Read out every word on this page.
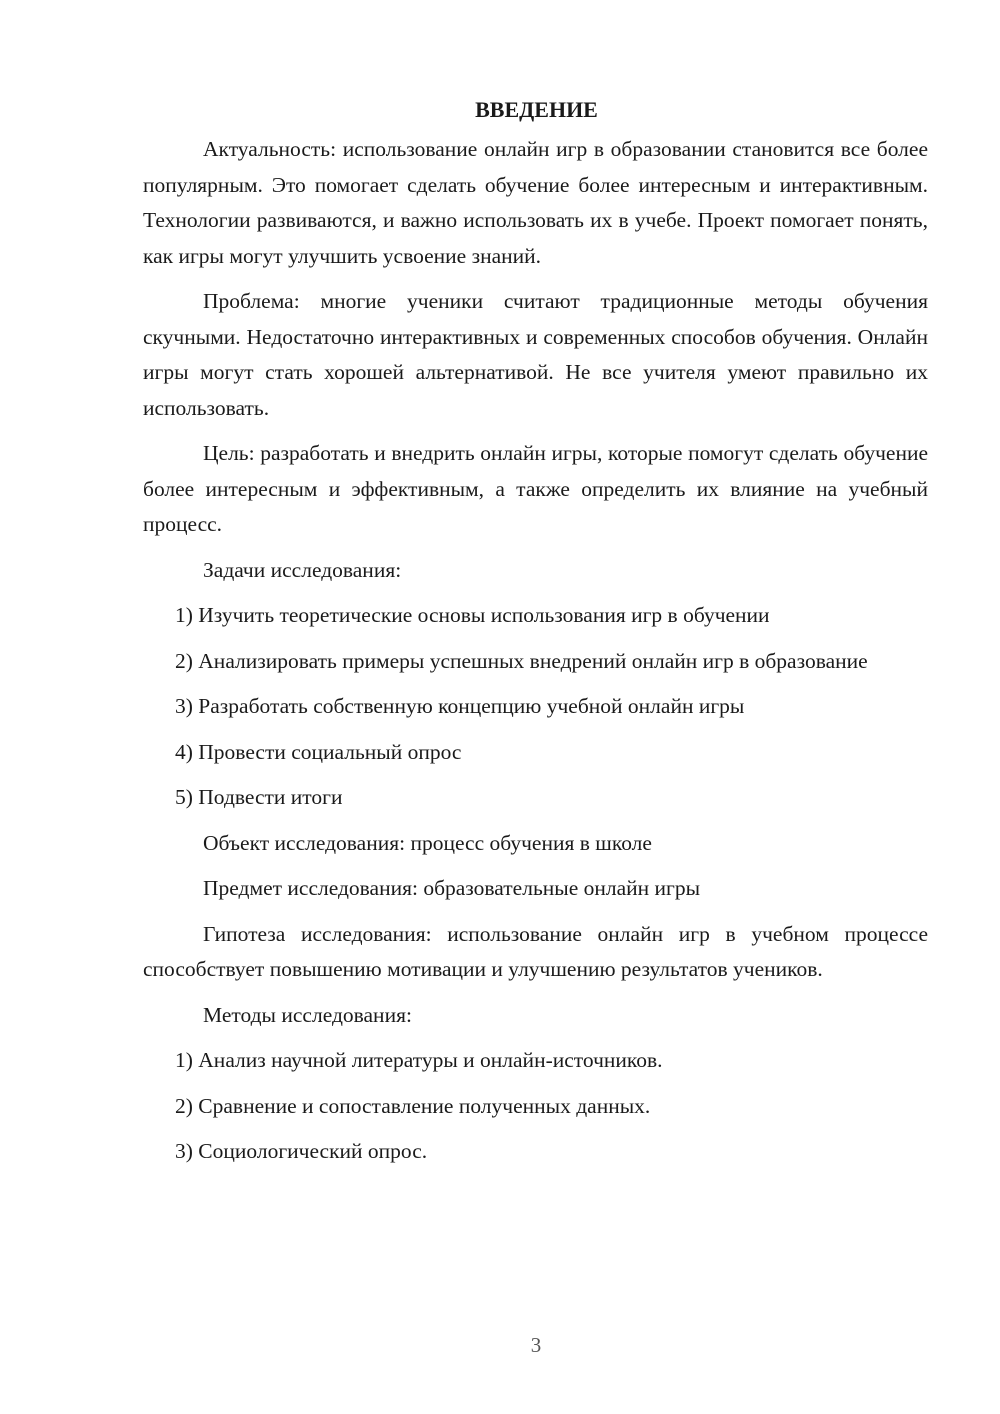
ВВЕДЕНИЕ

Актуальность: использование онлайн игр в образовании становится все более популярным. Это помогает сделать обучение более интересным и интерактивным. Технологии развиваются, и важно использовать их в учебе. Проект помогает понять, как игры могут улучшить усвоение знаний.

Проблема: многие ученики считают традиционные методы обучения скучными. Недостаточно интерактивных и современных способов обучения. Онлайн игры могут стать хорошей альтернативой. Не все учителя умеют правильно их использовать.

Цель: разработать и внедрить онлайн игры, которые помогут сделать обучение более интересным и эффективным, а также определить их влияние на учебный процесс.

Задачи исследования:

1) Изучить теоретические основы использования игр в обучении

2) Анализировать примеры успешных внедрений онлайн игр в образование

3) Разработать собственную концепцию учебной онлайн игры

4) Провести социальный опрос

5) Подвести итоги

Объект исследования: процесс обучения в школе

Предмет исследования: образовательные онлайн игры

Гипотеза исследования: использование онлайн игр в учебном процессе способствует повышению мотивации и улучшению результатов учеников.

Методы исследования:

1) Анализ научной литературы и онлайн-источников.

2) Сравнение и сопоставление полученных данных.

3) Социологический опрос.

3
